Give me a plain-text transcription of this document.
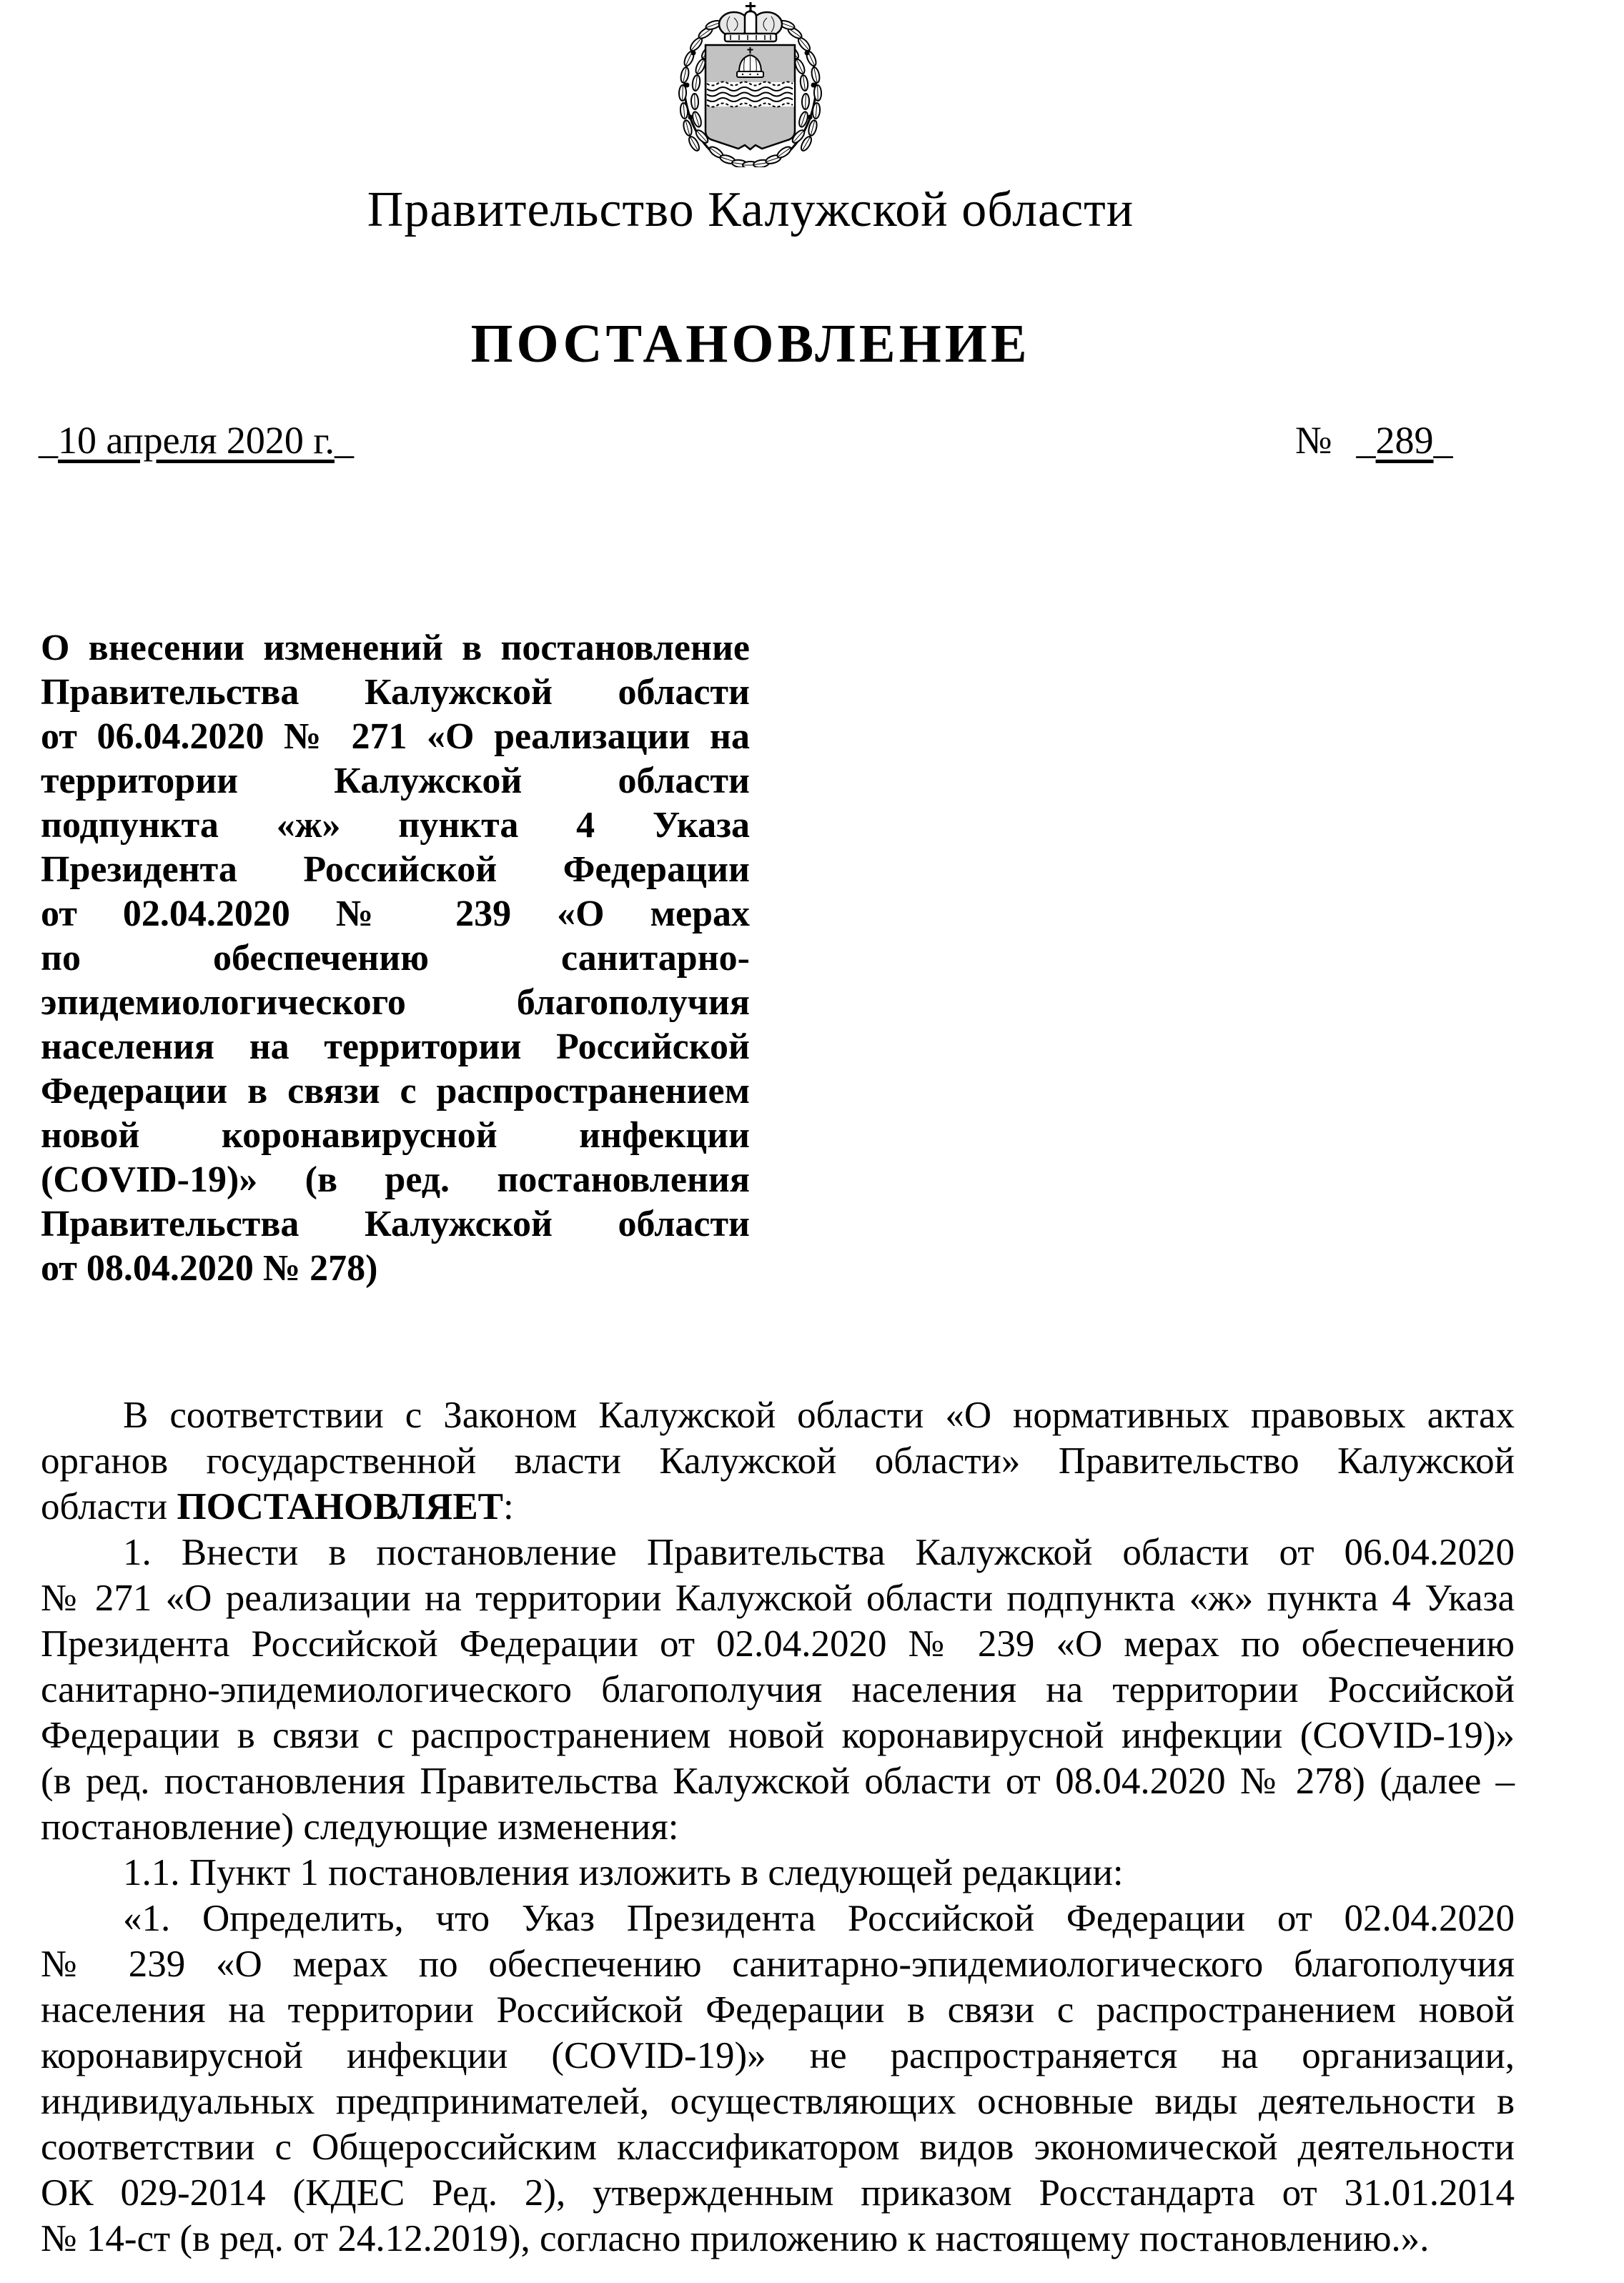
Правительство Калужской области
ПОСТАНОВЛЕНИЕ
_10 апреля 2020 г._	№ _289_
О внесении изменений в постановление
Правительства Калужской области
от 06.04.2020 № 271 «О реализации на
территории Калужской области
подпункта «ж» пункта 4 Указа
Президента Российской Федерации
от 02.04.2020 № 239 «О мерах
по обеспечению санитарно-
эпидемиологического благополучия
населения на территории Российской
Федерации в связи с распространением
новой коронавирусной инфекции
(COVID-19)» (в ред. постановления
Правительства Калужской области
от 08.04.2020 № 278)
В соответствии с Законом Калужской области «О нормативных правовых актах
органов государственной власти Калужской области» Правительство Калужской
области ПОСТАНОВЛЯЕТ:
1. Внести в постановление Правительства Калужской области от 06.04.2020
№ 271 «О реализации на территории Калужской области подпункта «ж» пункта 4 Указа
Президента Российской Федерации от 02.04.2020 № 239 «О мерах по обеспечению
санитарно-эпидемиологического благополучия населения на территории Российской
Федерации в связи с распространением новой коронавирусной инфекции (COVID-19)»
(в ред. постановления Правительства Калужской области от 08.04.2020 № 278) (далее –
постановление) следующие изменения:
1.1. Пункт 1 постановления изложить в следующей редакции:
«1. Определить, что Указ Президента Российской Федерации от 02.04.2020
№ 239 «О мерах по обеспечению санитарно-эпидемиологического благополучия
населения на территории Российской Федерации в связи с распространением новой
коронавирусной инфекции (COVID-19)» не распространяется на организации,
индивидуальных предпринимателей, осуществляющих основные виды деятельности в
соответствии с Общероссийским классификатором видов экономической деятельности
ОК 029-2014 (КДЕС Ред. 2), утвержденным приказом Росстандарта от 31.01.2014
№ 14-ст (в ред. от 24.12.2019), согласно приложению к настоящему постановлению.».
